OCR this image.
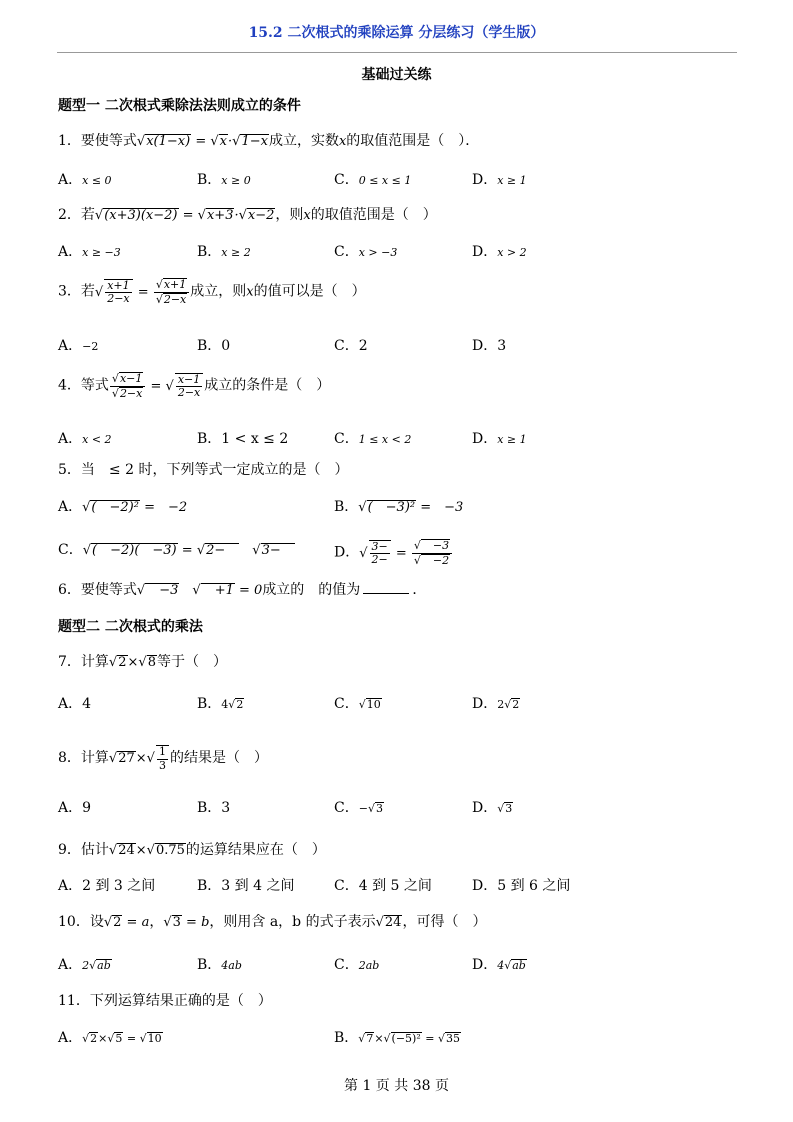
15.2 二次根式的乘除运算 分层练习（学生版）
基础过关练
题型一 二次根式乘除法法则成立的条件
1．要使等式√ x(1−x) = √ x·√ 1−x成立，实数x的取值范围是（　）．
A．x ≤ 0	B．x ≥ 0	C．0 ≤ x ≤ 1	D．x ≥ 1
2．若√ (x+3)(x−2) = √ x+3·√ x−2，则x的取值范围是（　）
A．x ≥ −3	B．x ≥ 2	C．x > −3	D．x > 2
3．若√ $\frac{x+1}{2-x}$ =
√ x+1
√ 2−x 成立，则x的值可以是（　）
A．−2	B．0	C．2	D．3
4．等式
√ x−1
√ 2−x = √ $\frac{x-1}{2-x}$ 成立的条件是（　）
A．x < 2	B．1 < x ≤ 2	C．1 ≤ x < 2	D．x ≥ 1
5．当　≤ 2 时，下列等式一定成立的是（　）
A．√ (　−2)² =　−2	B．√ (　−3)² =　−3
C．√ (　−2)(　−3) = √ 2−　　√ 3−　	D．√ $\frac{3-}{2-}$ =
√ 　−3
√ 　−2
6．要使等式√ 　−3　√ 　+1 = 0成立的　的值为	．
题型二 二次根式的乘法
7．计算√ 2×√ 8等于（　）
A．4	B．4√ 2	C．√ 10	D．2√ 2
8．计算√ $27\times√ \frac{1}{3}$ 的结果是（　）
A．9	B．3	C．−√ 3	D．√ 3
9．估计√ 24×√ 0.75的运算结果应在（　）
A．2 到 3 之间	B．3 到 4 之间	C．4 到 5 之间	D．5 到 6 之间
10．设√ 2 = a，√ 3 = b，则用含 a，b 的式子表示√ 24，可得（　）
A．2√ ab	B．4ab	C．2ab	D．4√ ab
11．下列运算结果正确的是（　）
A．√ 2×√ 5 = √ 10	B．√ 7×√ (−5)² = √ 35
第 1 页 共 38 页
